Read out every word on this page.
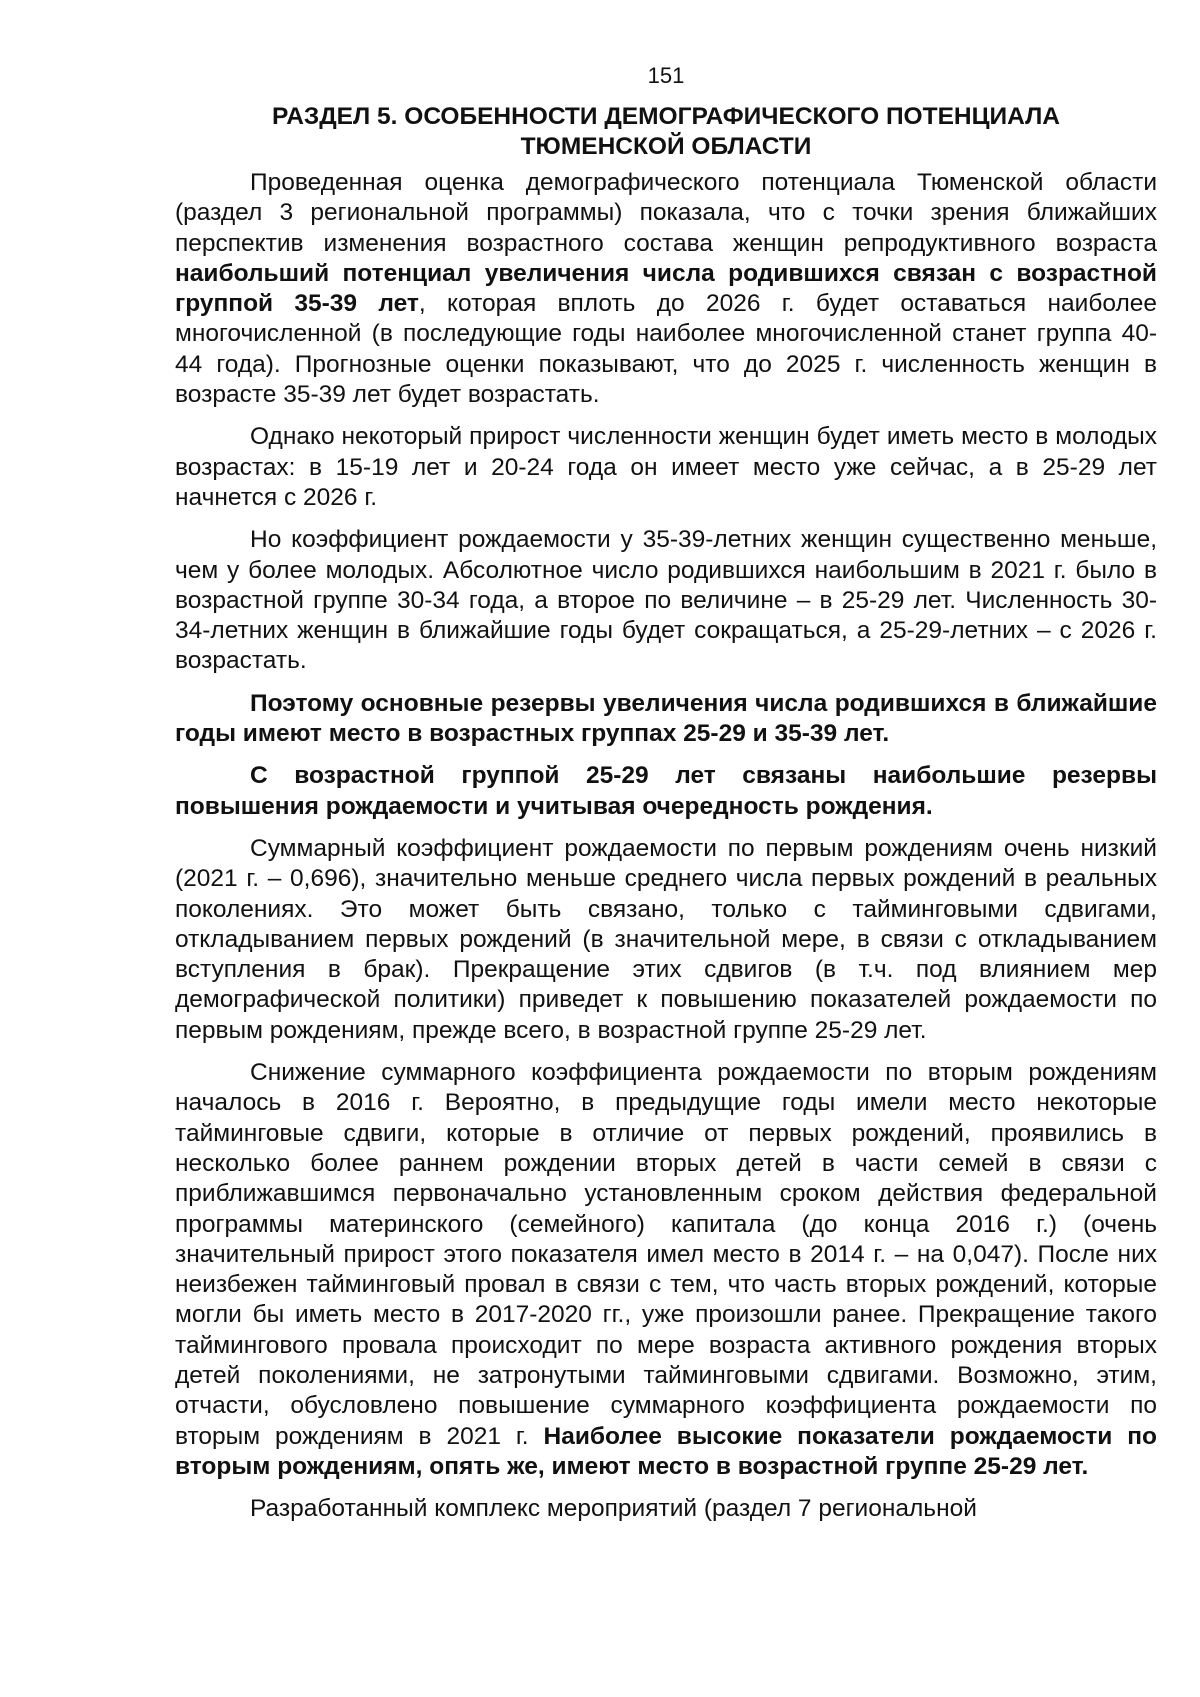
151
РАЗДЕЛ 5. ОСОБЕННОСТИ ДЕМОГРАФИЧЕСКОГО ПОТЕНЦИАЛА
ТЮМЕНСКОЙ ОБЛАСТИ

Проведенная оценка демографического потенциала Тюменской области (раздел 3 региональной программы) показала, что с точки зрения ближайших перспектив изменения возрастного состава женщин репродуктивного возраста наибольший потенциал увеличения числа родившихся связан с возрастной группой 35-39 лет, которая вплоть до 2026 г. будет оставаться наиболее многочисленной (в последующие годы наиболее многочисленной станет группа 40-44 года). Прогнозные оценки показывают, что до 2025 г. численность женщин в возрасте 35-39 лет будет возрастать.

Однако некоторый прирост численности женщин будет иметь место в молодых возрастах: в 15-19 лет и 20-24 года он имеет место уже сейчас, а в 25-29 лет начнется с 2026 г.

Но коэффициент рождаемости у 35-39-летних женщин существенно меньше, чем у более молодых. Абсолютное число родившихся наибольшим в 2021 г. было в возрастной группе 30-34 года, а второе по величине – в 25-29 лет. Численность 30-34-летних женщин в ближайшие годы будет сокращаться, а 25-29-летних – с 2026 г. возрастать.

Поэтому основные резервы увеличения числа родившихся в ближайшие годы имеют место в возрастных группах 25-29 и 35-39 лет.

С возрастной группой 25-29 лет связаны наибольшие резервы повышения рождаемости и учитывая очередность рождения.

Суммарный коэффициент рождаемости по первым рождениям очень низкий (2021 г. – 0,696), значительно меньше среднего числа первых рождений в реальных поколениях. Это может быть связано, только с тайминговыми сдвигами, откладыванием первых рождений (в значительной мере, в связи с откладыванием вступления в брак). Прекращение этих сдвигов (в т.ч. под влиянием мер демографической политики) приведет к повышению показателей рождаемости по первым рождениям, прежде всего, в возрастной группе 25-29 лет.

Снижение суммарного коэффициента рождаемости по вторым рождениям началось в 2016 г. Вероятно, в предыдущие годы имели место некоторые тайминговые сдвиги, которые в отличие от первых рождений, проявились в несколько более раннем рождении вторых детей в части семей в связи с приближавшимся первоначально установленным сроком действия федеральной программы материнского (семейного) капитала (до конца 2016 г.) (очень значительный прирост этого показателя имел место в 2014 г. – на 0,047). После них неизбежен тайминговый провал в связи с тем, что часть вторых рождений, которые могли бы иметь место в 2017-2020 гг., уже произошли ранее. Прекращение такого таймингового провала происходит по мере возраста активного рождения вторых детей поколениями, не затронутыми тайминговыми сдвигами. Возможно, этим, отчасти, обусловлено повышение суммарного коэффициента рождаемости по вторым рождениям в 2021 г. Наиболее высокие показатели рождаемости по вторым рождениям, опять же, имеют место в возрастной группе 25-29 лет.

Разработанный комплекс мероприятий (раздел 7 региональной
